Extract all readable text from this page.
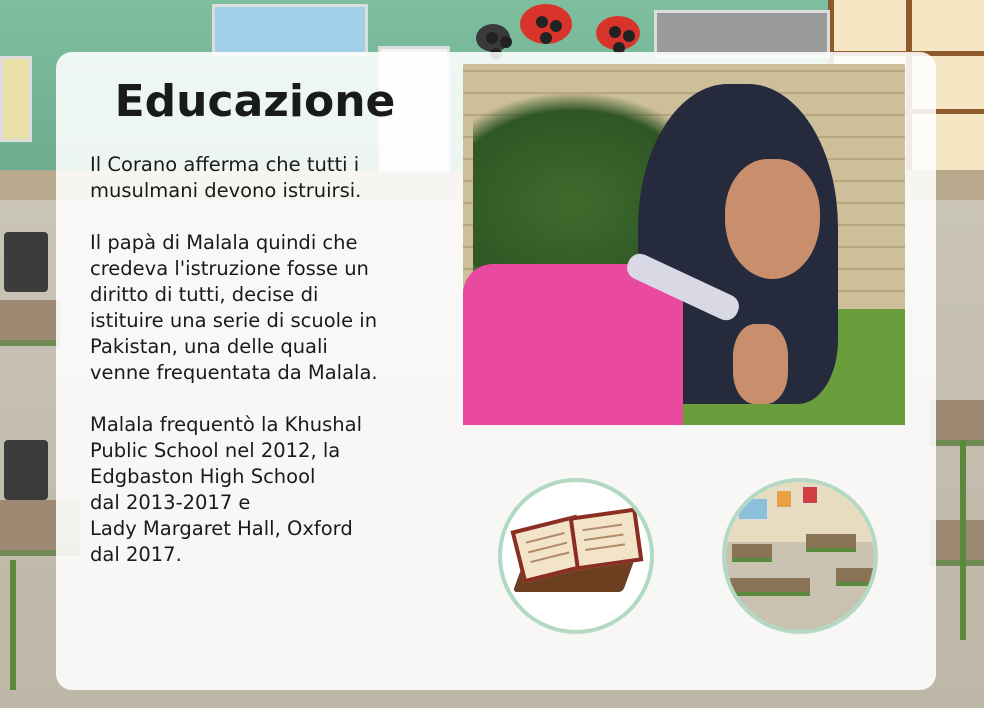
Educazione

Il Corano afferma che tutti i
musulmani devono istruirsi.

Il papà di Malala quindi che
credeva l'istruzione fosse un
diritto di tutti, decise di
istituire una serie di scuole in
Pakistan, una delle quali
venne frequentata da Malala.

Malala frequentò la Khushal
Public School nel 2012, la
Edgbaston High School
dal 2013-2017 e
Lady Margaret Hall, Oxford
dal 2017.
